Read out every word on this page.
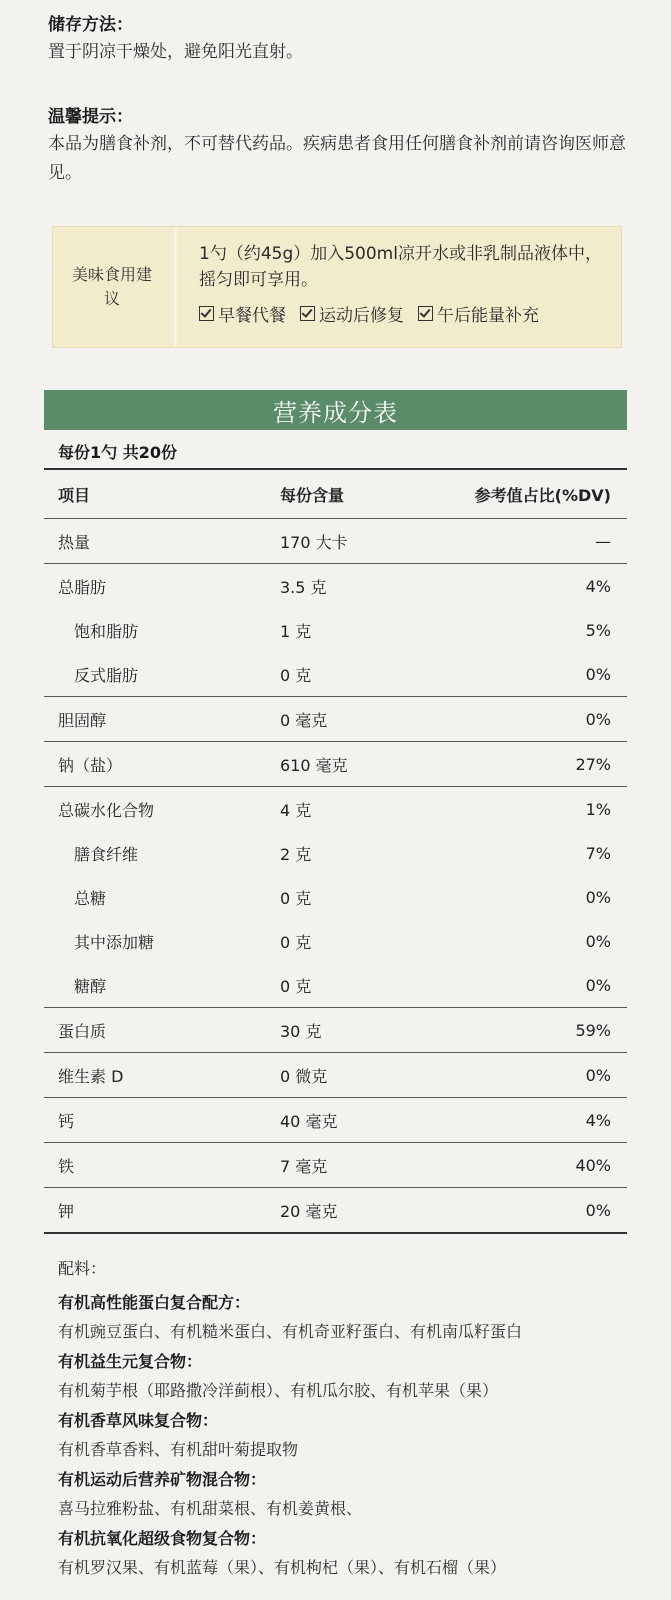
储存方法：
置于阴凉干燥处，避免阳光直射。
温馨提示：
本品为膳食补剂，不可替代药品。疾病患者食用任何膳食补剂前请咨询医师意见。
美味食用建议
1勺（约45g）加入500ml凉开水或非乳制品液体中，摇匀即可享用。
早餐代餐 运动后修复 午后能量补充
营养成分表
每份1勺 共20份
项目	每份含量	参考值占比(%DV)
热量	170 大卡	—
总脂肪	3.5 克	4%
饱和脂肪	1 克	5%
反式脂肪	0 克	0%
胆固醇	0 毫克	0%
钠（盐）	610 毫克	27%
总碳水化合物	4 克	1%
膳食纤维	2 克	7%
总糖	0 克	0%
其中添加糖	0 克	0%
糖醇	0 克	0%
蛋白质	30 克	59%
维生素 D	0 微克	0%
钙	40 毫克	4%
铁	7 毫克	40%
钾	20 毫克	0%
配料：
有机高性能蛋白复合配方：
有机豌豆蛋白、有机糙米蛋白、有机奇亚籽蛋白、有机南瓜籽蛋白
有机益生元复合物：
有机菊芋根（耶路撒冷洋蓟根）、有机瓜尔胶、有机苹果（果）
有机香草风味复合物：
有机香草香料、有机甜叶菊提取物
有机运动后营养矿物混合物：
喜马拉雅粉盐、有机甜菜根、有机姜黄根、
有机抗氧化超级食物复合物：
有机罗汉果、有机蓝莓（果）、有机枸杞（果）、有机石榴（果）
